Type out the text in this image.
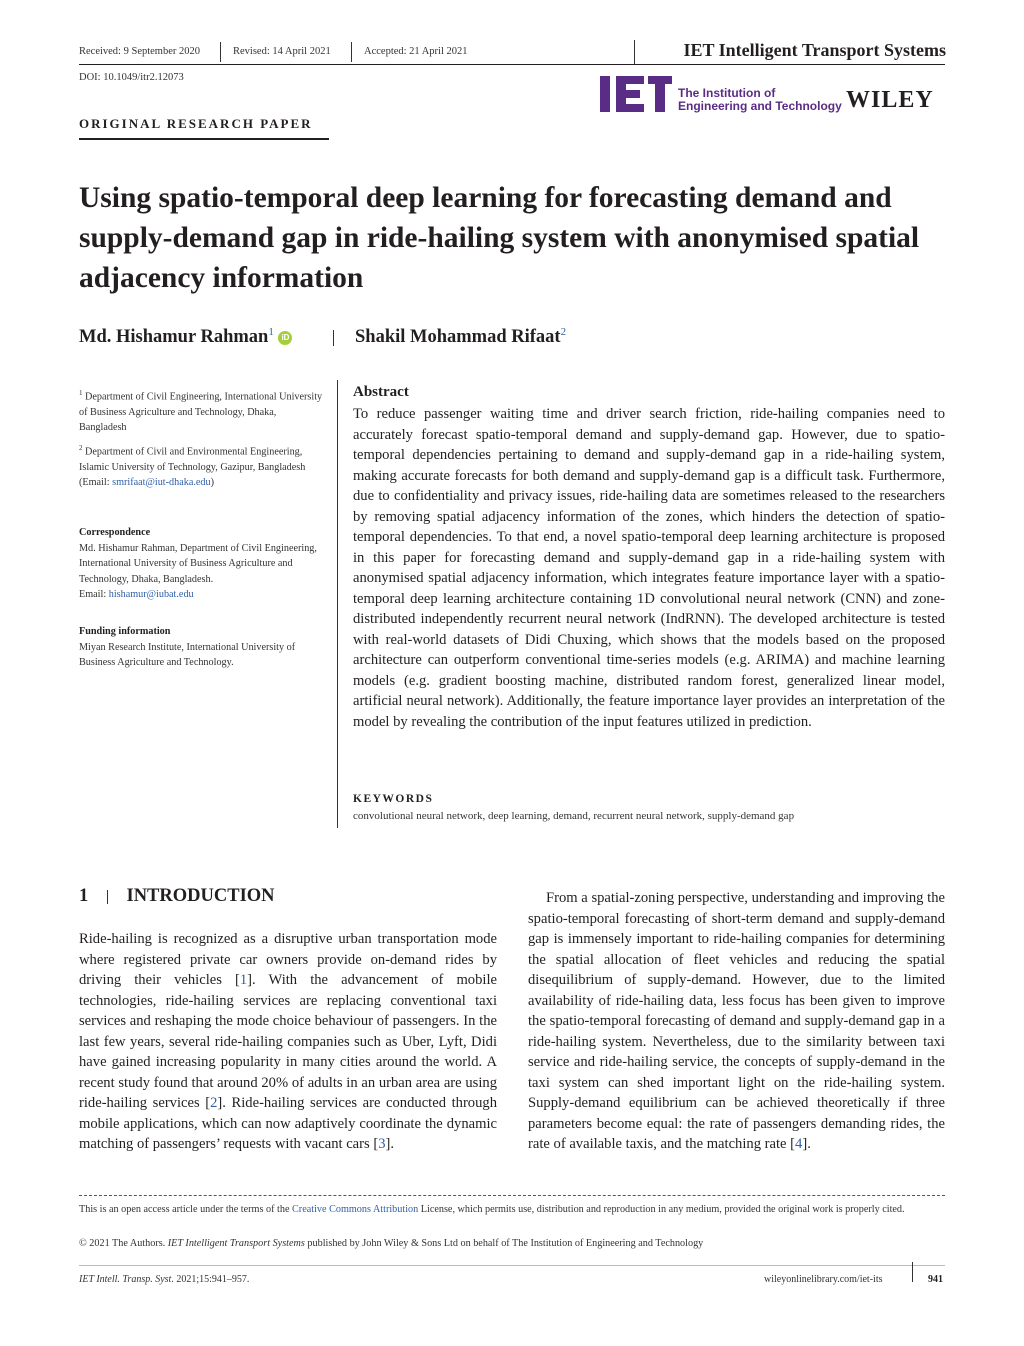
Received: 9 September 2020	Revised: 14 April 2021	Accepted: 21 April 2021	IET Intelligent Transport Systems
DOI: 10.1049/itr2.12073
The Institution of
Engineering and Technology WILEY
ORIGINAL RESEARCH PAPER
Using spatio-temporal deep learning for forecasting demand and supply-demand gap in ride-hailing system with anonymised spatial adjacency information
Md. Hishamur Rahman$^1$ iD	Shakil Mohammad Rifaat$^2$
$^1$ Department of Civil Engineering, International University of Business Agriculture and Technology, Dhaka, Bangladesh
$^2$ Department of Civil and Environmental Engineering, Islamic University of Technology, Gazipur, Bangladesh
(Email: smrifaat@iut-dhaka.edu)
Correspondence
Md. Hishamur Rahman, Department of Civil Engineering, International University of Business Agriculture and Technology, Dhaka, Bangladesh.
Email: hishamur@iubat.edu
Funding information
Miyan Research Institute, International University of Business Agriculture and Technology.
Abstract
To reduce passenger waiting time and driver search friction, ride-hailing companies need to accurately forecast spatio-temporal demand and supply-demand gap. However, due to spatio-temporal dependencies pertaining to demand and supply-demand gap in a ride-hailing system, making accurate forecasts for both demand and supply-demand gap is a difficult task. Furthermore, due to confidentiality and privacy issues, ride-hailing data are sometimes released to the researchers by removing spatial adjacency information of the zones, which hinders the detection of spatio-temporal dependencies. To that end, a novel spatio-temporal deep learning architecture is proposed in this paper for forecasting demand and supply-demand gap in a ride-hailing system with anonymised spatial adjacency information, which integrates feature importance layer with a spatio-temporal deep learning architecture containing 1D convolutional neural network (CNN) and zone-distributed independently recurrent neural network (IndRNN). The developed architecture is tested with real-world datasets of Didi Chuxing, which shows that the models based on the proposed architecture can outperform conventional time-series models (e.g. ARIMA) and machine learning models (e.g. gradient boosting machine, distributed random forest, generalized linear model, artificial neural network). Additionally, the feature importance layer provides an interpretation of the model by revealing the contribution of the input features utilized in prediction.
KEYWORDS
convolutional neural network, deep learning, demand, recurrent neural network, supply-demand gap
1 INTRODUCTION
Ride-hailing is recognized as a disruptive urban transportation mode where registered private car owners provide on-demand rides by driving their vehicles [1]. With the advancement of mobile technologies, ride-hailing services are replacing conventional taxi services and reshaping the mode choice behaviour of passengers. In the last few years, several ride-hailing companies such as Uber, Lyft, Didi have gained increasing popularity in many cities around the world. A recent study found that around 20% of adults in an urban area are using ride-hailing services [2]. Ride-hailing services are conducted through mobile applications, which can now adaptively coordinate the dynamic matching of passengers’ requests with vacant cars [3].
From a spatial-zoning perspective, understanding and improving the spatio-temporal forecasting of short-term demand and supply-demand gap is immensely important to ride-hailing companies for determining the spatial allocation of fleet vehicles and reducing the spatial disequilibrium of supply-demand. However, due to the limited availability of ride-hailing data, less focus has been given to improve the spatio-temporal forecasting of demand and supply-demand gap in a ride-hailing system. Nevertheless, due to the similarity between taxi service and ride-hailing service, the concepts of supply-demand in the taxi system can shed important light on the ride-hailing system. Supply-demand equilibrium can be achieved theoretically if three parameters become equal: the rate of passengers demanding rides, the rate of available taxis, and the matching rate [4].
This is an open access article under the terms of the Creative Commons Attribution License, which permits use, distribution and reproduction in any medium, provided the original work is properly cited.
© 2021 The Authors. IET Intelligent Transport Systems published by John Wiley & Sons Ltd on behalf of The Institution of Engineering and Technology
IET Intell. Transp. Syst. 2021;15:941–957.	wileyonlinelibrary.com/iet-its	941
